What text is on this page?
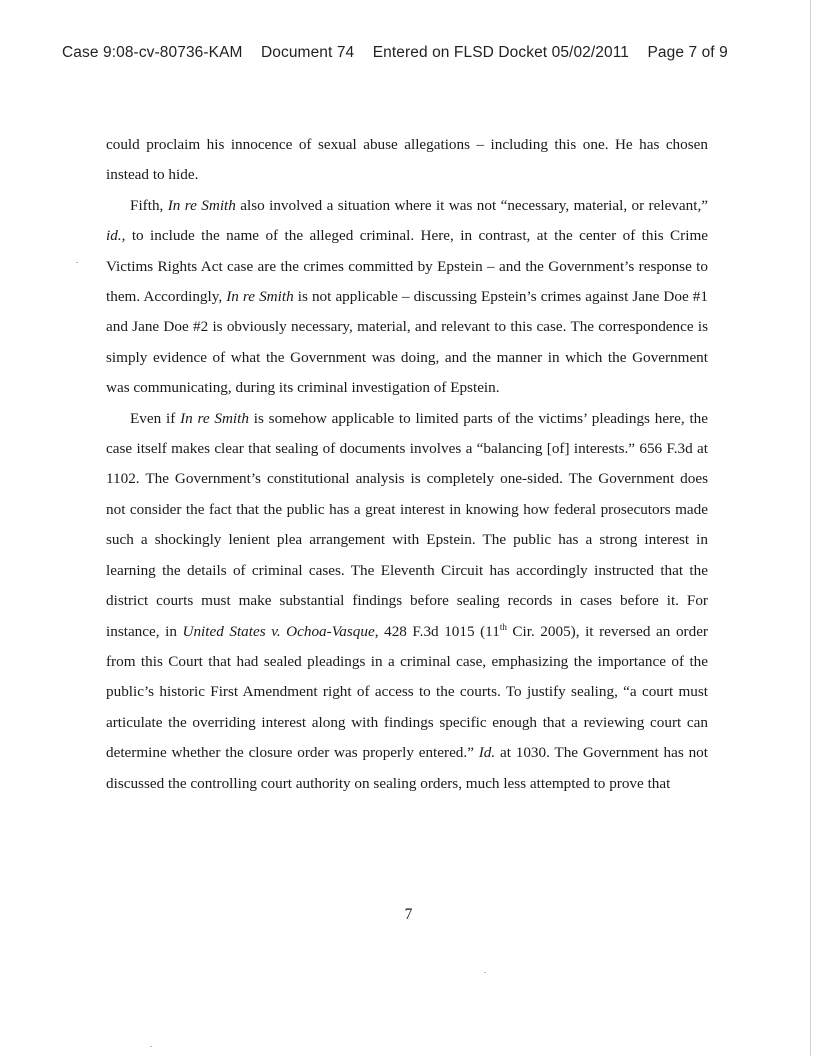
Case 9:08-cv-80736-KAM Document 74 Entered on FLSD Docket 05/02/2011 Page 7 of 9

could proclaim his innocence of sexual abuse allegations – including this one. He has chosen instead to hide.

Fifth, In re Smith also involved a situation where it was not “necessary, material, or relevant,” id., to include the name of the alleged criminal. Here, in contrast, at the center of this Crime Victims Rights Act case are the crimes committed by Epstein – and the Government’s response to them. Accordingly, In re Smith is not applicable – discussing Epstein’s crimes against Jane Doe #1 and Jane Doe #2 is obviously necessary, material, and relevant to this case. The correspondence is simply evidence of what the Government was doing, and the manner in which the Government was communicating, during its criminal investigation of Epstein.

Even if In re Smith is somehow applicable to limited parts of the victims’ pleadings here, the case itself makes clear that sealing of documents involves a “balancing [of] interests.” 656 F.3d at 1102. The Government’s constitutional analysis is completely one-sided. The Government does not consider the fact that the public has a great interest in knowing how federal prosecutors made such a shockingly lenient plea arrangement with Epstein. The public has a strong interest in learning the details of criminal cases. The Eleventh Circuit has accordingly instructed that the district courts must make substantial findings before sealing records in cases before it. For instance, in United States v. Ochoa-Vasque, 428 F.3d 1015 (11th Cir. 2005), it reversed an order from this Court that had sealed pleadings in a criminal case, emphasizing the importance of the public’s historic First Amendment right of access to the courts. To justify sealing, “a court must articulate the overriding interest along with findings specific enough that a reviewing court can determine whether the closure order was properly entered.” Id. at 1030. The Government has not discussed the controlling court authority on sealing orders, much less attempted to prove that

7
